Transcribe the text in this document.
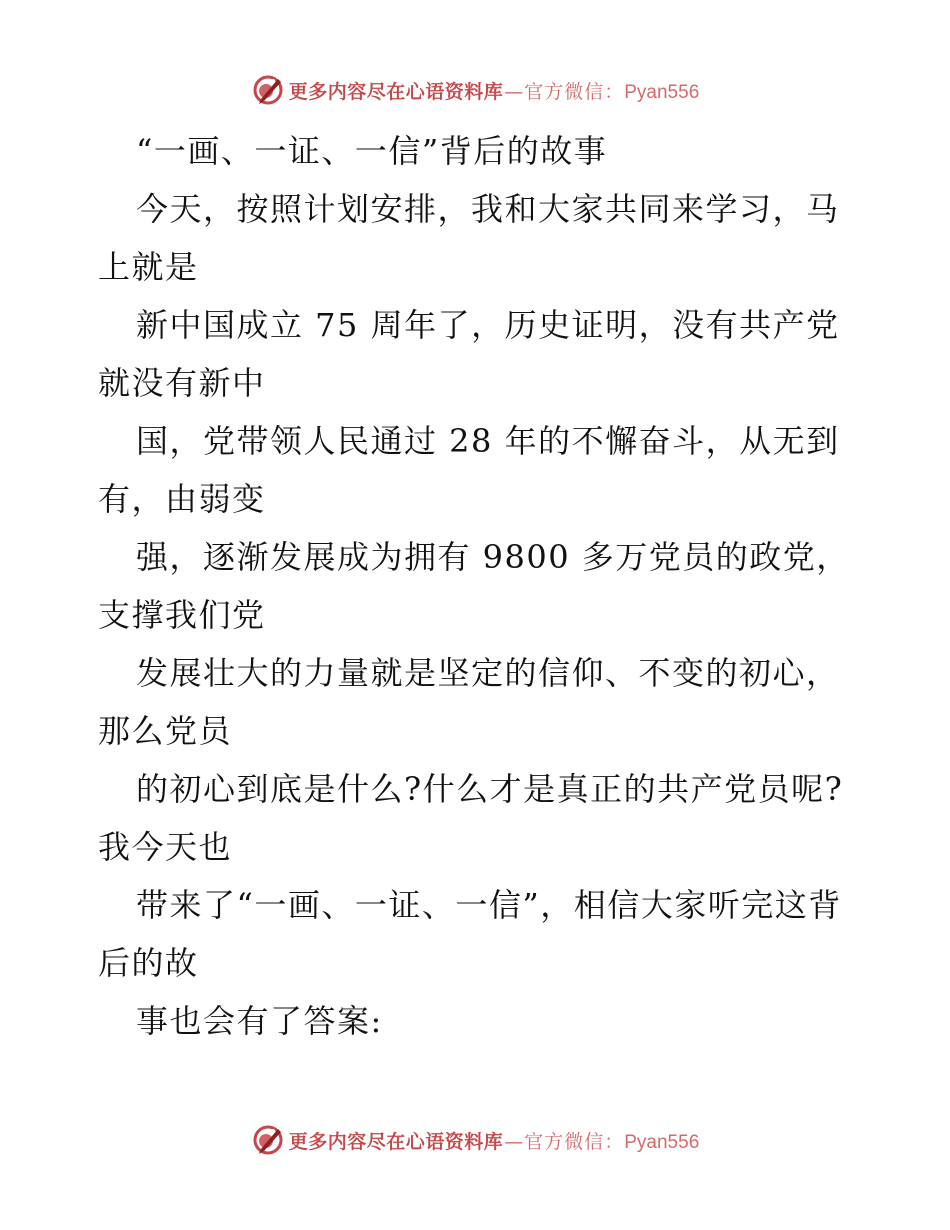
更多内容尽在心语资料库 — 官方微信： Pyan556

“一画、一证、一信”背后的故事

今天，按照计划安排，我和大家共同来学习，马上就是

新中国成立 75 周年了，历史证明，没有共产党就没有新中

国，党带领人民通过 28 年的不懈奋斗，从无到有，由弱变

强，逐渐发展成为拥有 9800 多万党员的政党，支撑我们党

发展壮大的力量就是坚定的信仰、不变的初心，那么党员

的初心到底是什么?什么才是真正的共产党员呢?我今天也

带来了“一画、一证、一信”，相信大家听完这背后的故

事也会有了答案:

更多内容尽在心语资料库 — 官方微信： Pyan556
